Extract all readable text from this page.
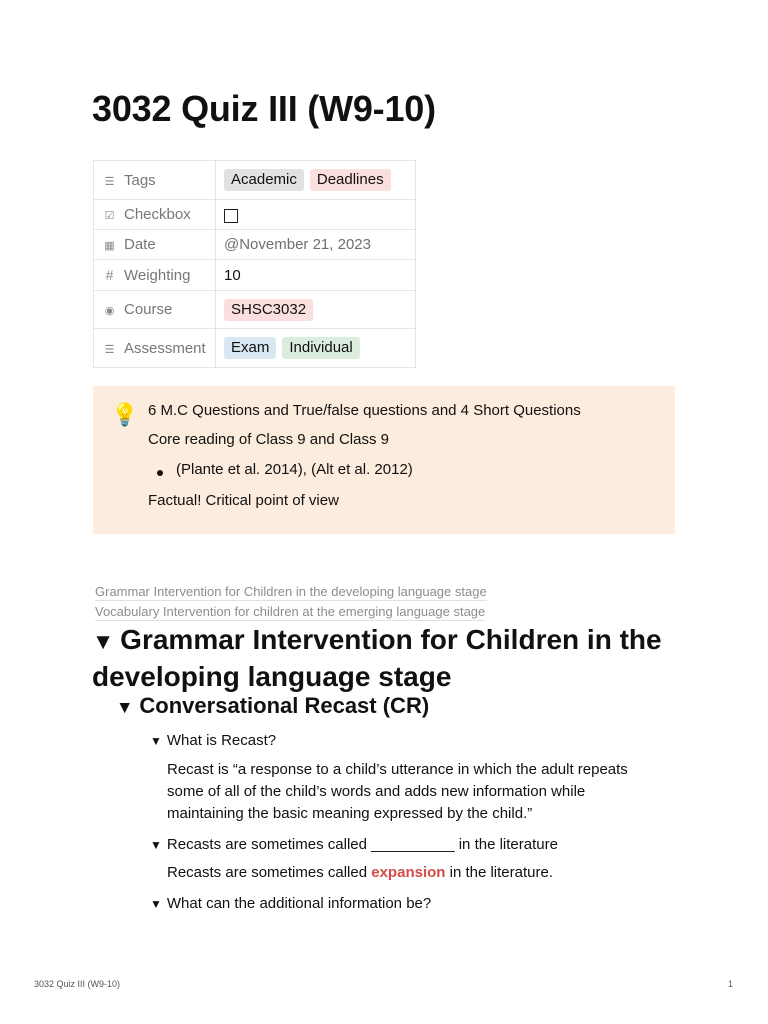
3032 Quiz III (W9-10)
☰ Tags	Academic Deadlines
☑ Checkbox	
▦ Date	@November 21, 2023
# Weighting	10
◉ Course	SHSC3032
☰ Assessment	Exam Individual
💡 6 M.C Questions and True/false questions and 4 Short Questions

Core reading of Class 9 and Class 9

(Plante et al. 2014), (Alt et al. 2012)

Factual! Critical point of view

Grammar Intervention for Children in the developing language stage
Vocabulary Intervention for children at the emerging language stage
▼ Grammar Intervention for Children in the developing language stage
▼ Conversational Recast (CR)
▼ What is Recast?
Recast is “a response to a child’s utterance in which the adult repeats some of all of the child’s words and adds new information while maintaining the basic meaning expressed by the child.”
▼ Recasts are sometimes called __________ in the literature
Recasts are sometimes called expansion in the literature.
▼ What can the additional information be?
3032 Quiz III (W9-10)	1
